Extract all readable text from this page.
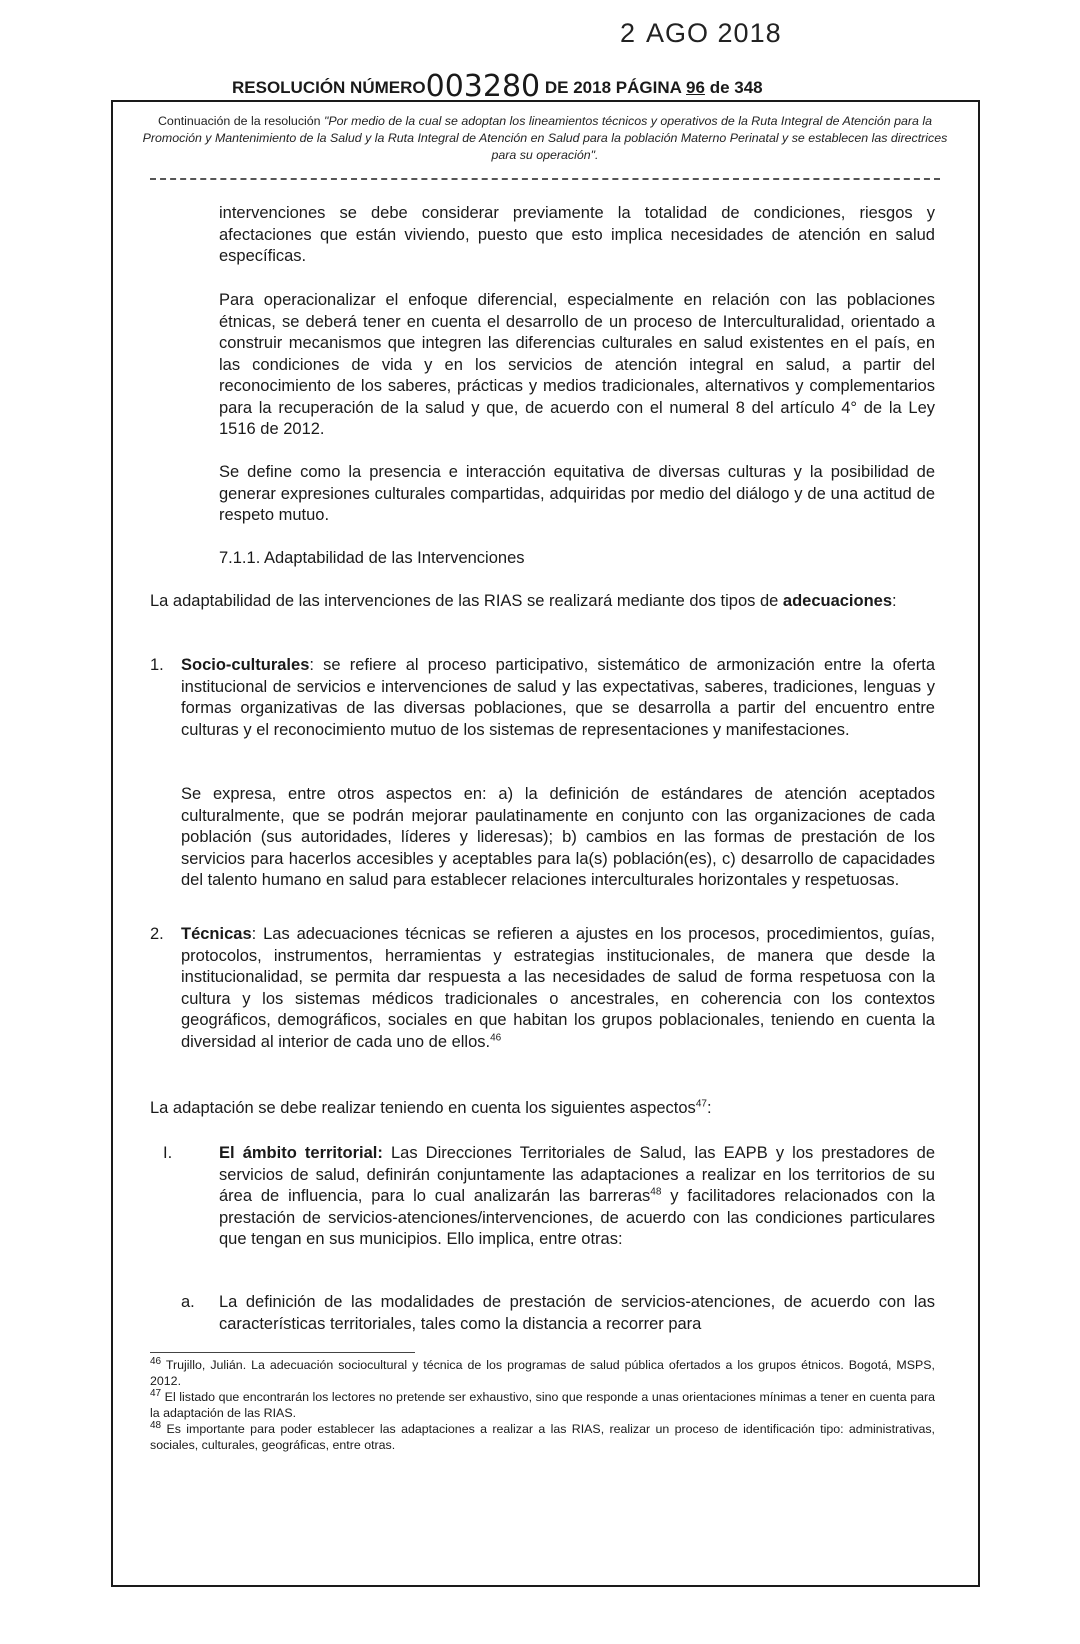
2 AGO 2018
RESOLUCIÓN NÚMERO003280 DE 2018 PÁGINA 96 de 348
Continuación de la resolución "Por medio de la cual se adoptan los lineamientos técnicos y operativos de la Ruta Integral de Atención para la Promoción y Mantenimiento de la Salud y la Ruta Integral de Atención en Salud para la población Materno Perinatal y se establecen las directrices para su operación".

intervenciones se debe considerar previamente la totalidad de condiciones, riesgos y afectaciones que están viviendo, puesto que esto implica necesidades de atención en salud específicas.

Para operacionalizar el enfoque diferencial, especialmente en relación con las poblaciones étnicas, se deberá tener en cuenta el desarrollo de un proceso de Interculturalidad, orientado a construir mecanismos que integren las diferencias culturales en salud existentes en el país, en las condiciones de vida y en los servicios de atención integral en salud, a partir del reconocimiento de los saberes, prácticas y medios tradicionales, alternativos y complementarios para la recuperación de la salud y que, de acuerdo con el numeral 8 del artículo 4° de la Ley 1516 de 2012.

Se define como la presencia e interacción equitativa de diversas culturas y la posibilidad de generar expresiones culturales compartidas, adquiridas por medio del diálogo y de una actitud de respeto mutuo.

7.1.1. Adaptabilidad de las Intervenciones

La adaptabilidad de las intervenciones de las RIAS se realizará mediante dos tipos de adecuaciones:

1. Socio-culturales: se refiere al proceso participativo, sistemático de armonización entre la oferta institucional de servicios e intervenciones de salud y las expectativas, saberes, tradiciones, lenguas y formas organizativas de las diversas poblaciones, que se desarrolla a partir del encuentro entre culturas y el reconocimiento mutuo de los sistemas de representaciones y manifestaciones.

Se expresa, entre otros aspectos en: a) la definición de estándares de atención aceptados culturalmente, que se podrán mejorar paulatinamente en conjunto con las organizaciones de cada población (sus autoridades, líderes y lideresas); b) cambios en las formas de prestación de los servicios para hacerlos accesibles y aceptables para la(s) población(es), c) desarrollo de capacidades del talento humano en salud para establecer relaciones interculturales horizontales y respetuosas.

2. Técnicas: Las adecuaciones técnicas se refieren a ajustes en los procesos, procedimientos, guías, protocolos, instrumentos, herramientas y estrategias institucionales, de manera que desde la institucionalidad, se permita dar respuesta a las necesidades de salud de forma respetuosa con la cultura y los sistemas médicos tradicionales o ancestrales, en coherencia con los contextos geográficos, demográficos, sociales en que habitan los grupos poblacionales, teniendo en cuenta la diversidad al interior de cada uno de ellos.$^{46}$

La adaptación se debe realizar teniendo en cuenta los siguientes aspectos$^{47}$:

I.	El ámbito territorial: Las Direcciones Territoriales de Salud, las EAPB y los prestadores de servicios de salud, definirán conjuntamente las adaptaciones a realizar en los territorios de su área de influencia, para lo cual analizarán las barreras$^{48}$ y facilitadores relacionados con la prestación de servicios-atenciones/intervenciones, de acuerdo con las condiciones particulares que tengan en sus municipios. Ello implica, entre otras:

a. La definición de las modalidades de prestación de servicios-atenciones, de acuerdo con las características territoriales, tales como la distancia a recorrer para

$^{46}$ Trujillo, Julián. La adecuación sociocultural y técnica de los programas de salud pública ofertados a los grupos étnicos. Bogotá, MSPS, 2012.

$^{47}$ El listado que encontrarán los lectores no pretende ser exhaustivo, sino que responde a unas orientaciones mínimas a tener en cuenta para la adaptación de las RIAS.

$^{48}$ Es importante para poder establecer las adaptaciones a realizar a las RIAS, realizar un proceso de identificación tipo: administrativas, sociales, culturales, geográficas, entre otras.
